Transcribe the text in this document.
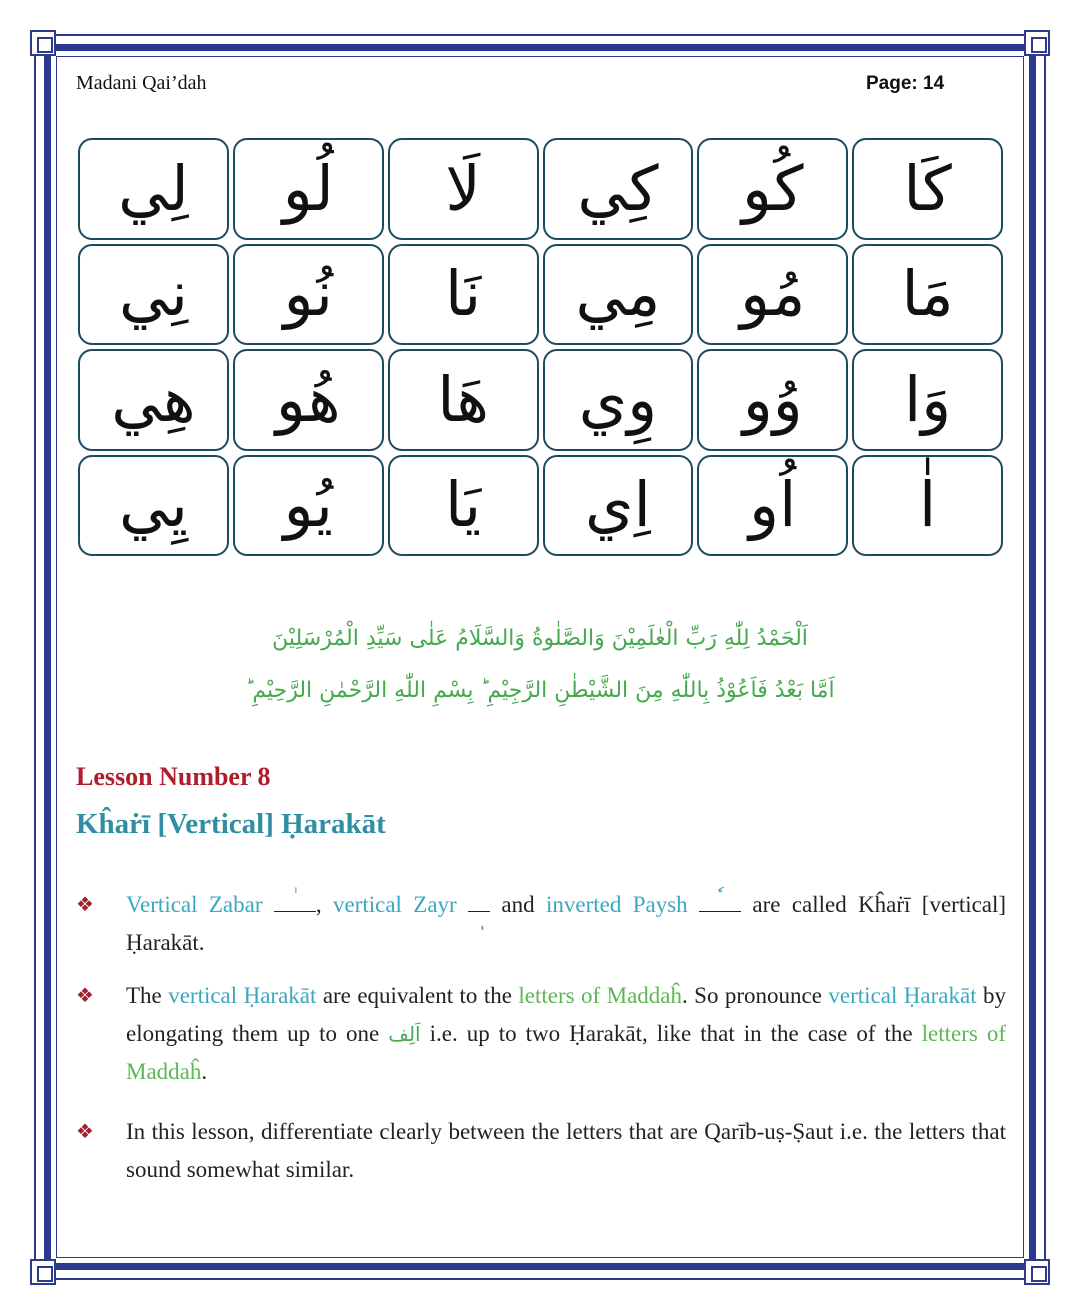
Madani Qai’dah	Page: 14
كَا
كُو
كِي
لَا
لُو
لِي
مَا
مُو
مِي
نَا
نُو
نِي
وَا
وُو
وِي
هَا
هُو
هِي
ا
اُو
اِي
يَا
يُو
يِي
اَلْحَمْدُ لِلّٰهِ رَبِّ الْعٰلَمِيْنَ وَالصَّلٰوةُ وَالسَّلَامُ عَلٰى سَيِّدِ الْمُرْسَلِيْنَ
اَمَّا بَعْدُ فَاَعُوْذُ بِاللّٰهِ مِنَ الشَّيْطٰنِ الرَّجِيْمِ ؕ بِسْمِ اللّٰهِ الرَّحْمٰنِ الرَّحِيْمِ ؕ
Lesson Number 8
Kĥaṙī [Vertical] Ḥarakāt
❖ Vertical Zabar , vertical Zayr and inverted Paysh	are called Kĥaṙī [vertical] Ḥarakāt.
❖ The vertical Ḥarakāt are equivalent to the letters of Maddaĥ. So pronounce vertical Ḥarakāt by elongating them up to one اَلِف i.e. up to two Ḥarakāt, like that in the case of the letters of Maddaĥ.
❖ In this lesson, differentiate clearly between the letters that are Qarīb-uṣ-Ṣaut i.e. the letters that sound somewhat similar.
